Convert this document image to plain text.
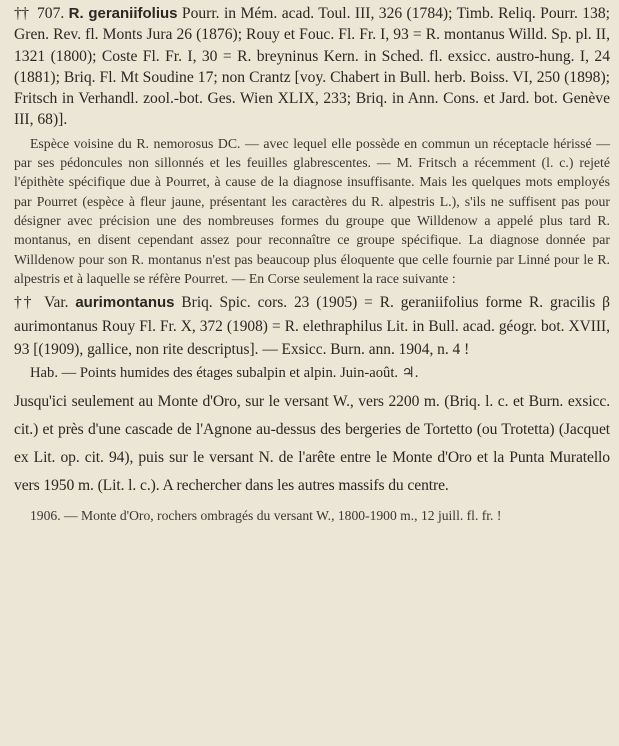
†† 707. R. geraniifolius Pourr. in Mém. acad. Toul. III, 326 (1784); Timb. Reliq. Pourr. 138; Gren. Rev. fl. Monts Jura 26 (1876); Rouy et Fouc. Fl. Fr. I, 93 = R. montanus Willd. Sp. pl. II, 1321 (1800); Coste Fl. Fr. I, 30 = R. breyninus Kern. in Sched. fl. exsicc. austro-hung. I, 24 (1881); Briq. Fl. Mt Soudine 17; non Crantz [voy. Chabert in Bull. herb. Boiss. VI, 250 (1898); Fritsch in Verhandl. zool.-bot. Ges. Wien XLIX, 233; Briq. in Ann. Cons. et Jard. bot. Genève III, 68)].

Espèce voisine du R. nemorosus DC. — avec lequel elle possède en commun un réceptacle hérissé — par ses pédoncules non sillonnés et les feuilles glabrescentes. — M. Fritsch a récemment (l. c.) rejeté l'épithète spécifique due à Pourret, à cause de la diagnose insuffisante. Mais les quelques mots employés par Pourret (espèce à fleur jaune, présentant les caractères du R. alpestris L.), s'ils ne suffisent pas pour désigner avec précision une des nombreuses formes du groupe que Willdenow a appelé plus tard R. montanus, en disent cependant assez pour reconnaître ce groupe spécifique. La diagnose donnée par Willdenow pour son R. montanus n'est pas beaucoup plus éloquente que celle fournie par Linné pour le R. alpestris et à laquelle se réfère Pourret. — En Corse seulement la race suivante :

†† Var. aurimontanus Briq. Spic. cors. 23 (1905) = R. geraniifolius forme R. gracilis β aurimontanus Rouy Fl. Fr. X, 372 (1908) = R. elethraphilus Lit. in Bull. acad. géogr. bot. XVIII, 93 [(1909), gallice, non rite descriptus]. — Exsicc. Burn. ann. 1904, n. 4 !

Hab. — Points humides des étages subalpin et alpin. Juin-août. ♃.

Jusqu'ici seulement au Monte d'Oro, sur le versant W., vers 2200 m. (Briq. l. c. et Burn. exsicc. cit.) et près d'une cascade de l'Agnone au-dessus des bergeries de Tortetto (ou Trotetta) (Jacquet ex Lit. op. cit. 94), puis sur le versant N. de l'arête entre le Monte d'Oro et la Punta Muratello vers 1950 m. (Lit. l. c.). A rechercher dans les autres massifs du centre.

1906. — Monte d'Oro, rochers ombragés du versant W., 1800-1900 m., 12 juill. fl. fr. !
